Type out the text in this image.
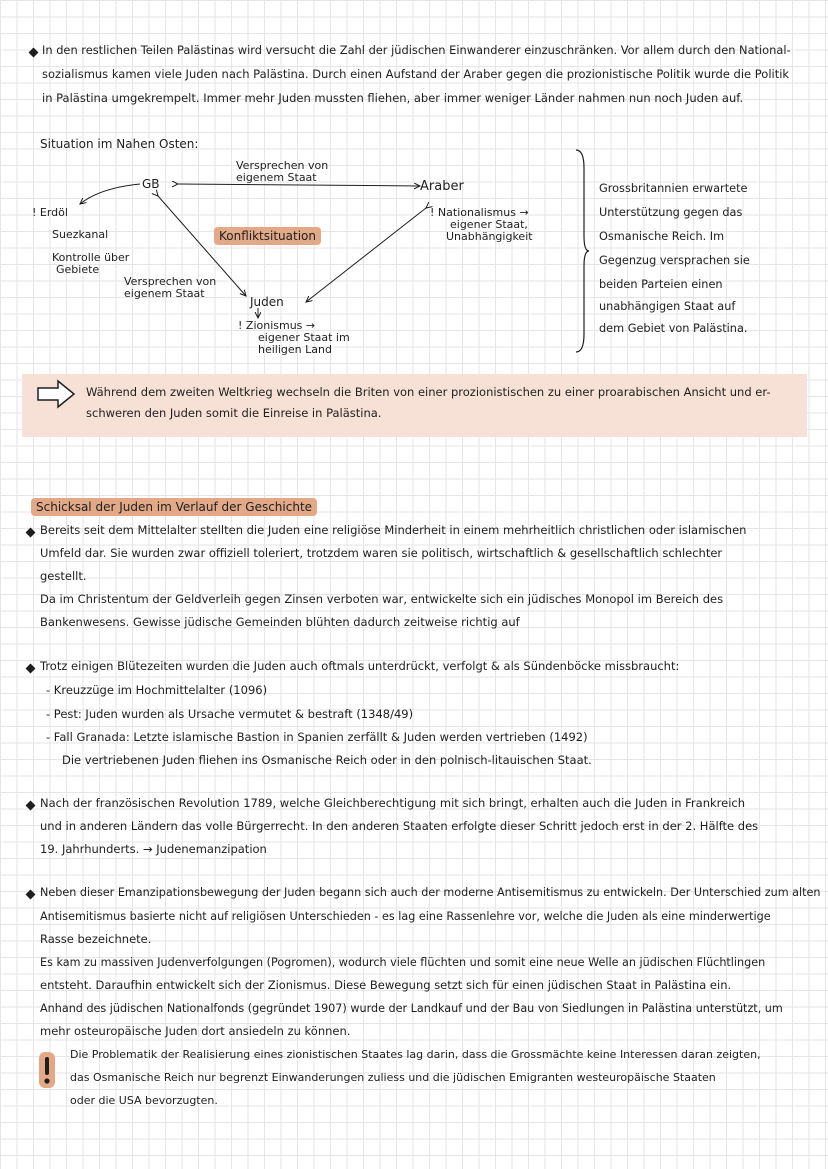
In den restlichen Teilen Palästinas wird versucht die Zahl der jüdischen Einwanderer einzuschränken. Vor allem durch den National-
sozialismus kamen viele Juden nach Palästina. Durch einen Aufstand der Araber gegen die prozionistische Politik wurde die Politik
in Palästina umgekrempelt. Immer mehr Juden mussten fliehen, aber immer weniger Länder nahmen nun noch Juden auf.
Situation im Nahen Osten:
Versprechen von
eigenem Staat
GB
! Erdöl
Suezkanal
Kontrolle über
Gebiete
Araber
! Nationalismus →
eigener Staat,
Unabhängigkeit
Konfliktsituation
Versprechen von
eigenem Staat
Juden
! Zionismus →
eigener Staat im
heiligen Land
Grossbritannien erwartete
Unterstützung gegen das
Osmanische Reich. Im
Gegenzug versprachen sie
beiden Parteien einen
unabhängigen Staat auf
dem Gebiet von Palästina.
Während dem zweiten Weltkrieg wechseln die Briten von einer prozionistischen zu einer proarabischen Ansicht und er-
schweren den Juden somit die Einreise in Palästina.
Schicksal der Juden im Verlauf der Geschichte
Bereits seit dem Mittelalter stellten die Juden eine religiöse Minderheit in einem mehrheitlich christlichen oder islamischen
Umfeld dar. Sie wurden zwar offiziell toleriert, trotzdem waren sie politisch, wirtschaftlich & gesellschaftlich schlechter
gestellt.
Da im Christentum der Geldverleih gegen Zinsen verboten war, entwickelte sich ein jüdisches Monopol im Bereich des
Bankenwesens. Gewisse jüdische Gemeinden blühten dadurch zeitweise richtig auf
Trotz einigen Blütezeiten wurden die Juden auch oftmals unterdrückt, verfolgt & als Sündenböcke missbraucht:
- Kreuzzüge im Hochmittelalter (1096)
- Pest: Juden wurden als Ursache vermutet & bestraft (1348/49)
- Fall Granada: Letzte islamische Bastion in Spanien zerfällt & Juden werden vertrieben (1492)
Die vertriebenen Juden fliehen ins Osmanische Reich oder in den polnisch-litauischen Staat.
Nach der französischen Revolution 1789, welche Gleichberechtigung mit sich bringt, erhalten auch die Juden in Frankreich
und in anderen Ländern das volle Bürgerrecht. In den anderen Staaten erfolgte dieser Schritt jedoch erst in der 2. Hälfte des
19. Jahrhunderts. → Judenemanzipation
Neben dieser Emanzipationsbewegung der Juden begann sich auch der moderne Antisemitismus zu entwickeln. Der Unterschied zum alten
Antisemitismus basierte nicht auf religiösen Unterschieden - es lag eine Rassenlehre vor, welche die Juden als eine minderwertige
Rasse bezeichnete.
Es kam zu massiven Judenverfolgungen (Pogromen), wodurch viele flüchten und somit eine neue Welle an jüdischen Flüchtlingen
entsteht. Daraufhin entwickelt sich der Zionismus. Diese Bewegung setzt sich für einen jüdischen Staat in Palästina ein.
Anhand des jüdischen Nationalfonds (gegründet 1907) wurde der Landkauf und der Bau von Siedlungen in Palästina unterstützt, um
mehr osteuropäische Juden dort ansiedeln zu können.
Die Problematik der Realisierung eines zionistischen Staates lag darin, dass die Grossmächte keine Interessen daran zeigten,
das Osmanische Reich nur begrenzt Einwanderungen zuliess und die jüdischen Emigranten westeuropäische Staaten
oder die USA bevorzugten.
